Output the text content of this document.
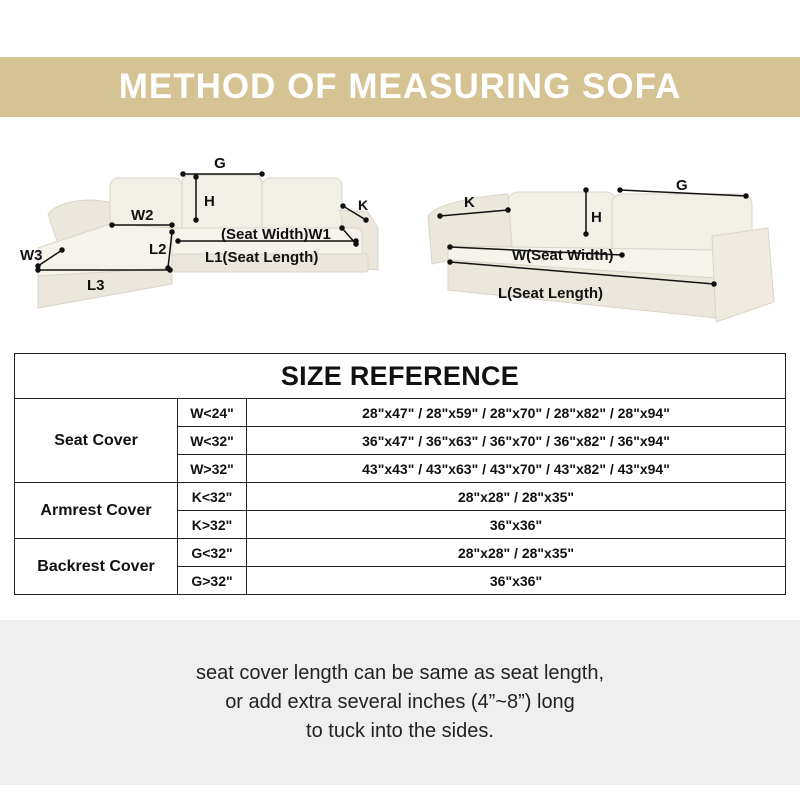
METHOD OF MEASURING SOFA
G
H	K
W2
(Seat Width)W1
L2	L1(Seat Length)
W3
L3
K
H
G
W(Seat Width)
L(Seat Length)
SIZE REFERENCE		
Seat Cover	W<24"	28"x47" / 28"x59" / 28"x70" / 28"x82" / 28"x94"
	W<32"	36"x47" / 36"x63" / 36"x70" / 36"x82" / 36"x94"
	W>32"	43"x43" / 43"x63" / 43"x70" / 43"x82" / 43"x94"
Armrest Cover	K<32"	28"x28" / 28"x35"
	K>32"	36"x36"
Backrest Cover	G<32"	28"x28" / 28"x35"
	G>32"	36"x36"
seat cover length can be same as seat length,
or add extra several inches (4”~8”) long
to tuck into the sides.
